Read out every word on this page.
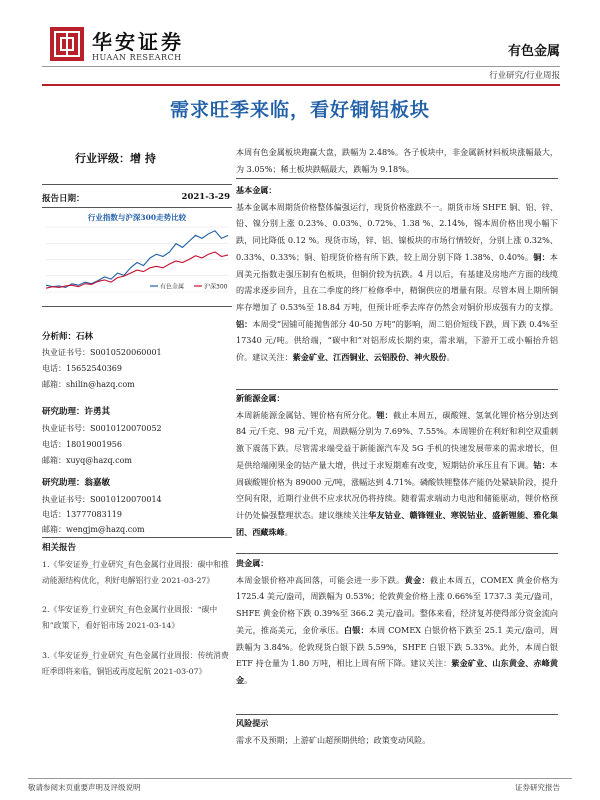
华安证券
HUAAN RESEARCH	有色金属
行业研究/行业周报
需求旺季来临，看好铜铝板块
行业评级：增 持
报告日期：	2021-3-29
行业指数与沪深300走势比较
有色金属	沪深300
分析师：石林
执业证书号：S0010520060001
电话：15652540369
邮箱：shilin@hazq.com
研究助理：许勇其
执业证书号：S0010120070052
电话：18019001956
邮箱：xuyq@hazq.com
研究助理：翁嘉敏
执业证书号：S0010120070014
电话：13777083119
邮箱：wengjm@hazq.com
相关报告
1.《华安证券_行业研究_有色金属行业周报：碳中和推动能源结构优化，利好电解铝行业 2021-03-27》
2.《华安证券_行业研究_有色金属行业周报：“碳中和”政策下，看好铝市场 2021-03-14》
3.《华安证券_行业研究_有色金属行业周报：传统消费旺季即将来临，铜铝或再度起航 2021-03-07》

本周有色金属板块跑赢大盘，跌幅为 2.48%。各子板块中，非金属新材料板块涨幅最大，为 3.05%；稀土板块跌幅最大，跌幅为 9.18%。

基本金属：

基本金属本周期货价格整体偏强运行，现货价格涨跌不一。期货市场 SHFE 铜、铝、锌、铅、镍分别上涨 0.23%、0.03%、0.72%、1.38 %、2.14%，锡本周价格出现小幅下跌，同比降低 0.12 %。现货市场，锌、铝、镍板块的市场行情较好，分别上涨 0.32%、0.33%、0.33%；铜、铅现货价格有所下跌，较上周分别下降 1.38%、0.40%。铜：本周美元指数走强压制有色板块，但铜价较为抗跌。4 月以后，有基建及房地产方面的线缆的需求逐步回升，且在二季度的终厂检修季中，精铜供应的增量有限。尽管本周上期所铜库存增加了 0.53%至 18.84 万吨，但预计旺季去库存仍然会对铜价形成强有力的支撑。铝：本周受“因铺可能抛售部分 40-50 万吨”的影响，周二铝价短线下跌，周下跌 0.4%至 17340 元/吨。供给端，“碳中和”对铝形成长期约束，需求端，下游开工或小幅抬升铝价。建议关注：紫金矿业、江西铜业、云铝股份、神火股份。

新能源金属：

本周新能源金属钴、锂价格有所分化。锂：截止本周五，碳酸锂、氢氧化锂价格分别达到 84 元/千克、98 元/千克，周跌幅分别为 7.69%、7.55%。本周锂价在利好和利空双重刺激下震荡下跌。尽管需求端受益于新能源汽车及 5G 手机的快速发展带来的需求增长，但是供给端刚果金的钴产量大增，供过于求短期难有改变，短期钴价承压且有下调。钴：本周碳酸锂价格为 89000 元/吨，涨幅达到 4.71%。磷酸铁锂整体产能仍处紧缺阶段，提升空间有限，近期行业供不应求状况仍将持续。随着需求端动力电池和储能驱动，锂价格预计仍处偏强整理状态。建议继续关注华友钴业、赣锋锂业、寒锐钴业、盛新锂能、雅化集团、西藏珠峰。

贵金属：

本周金银价格冲高回落，可能会进一步下跌。黄金：截止本周五，COMEX 黄金价格为 1725.4 美元/盎司，周跌幅为 0.53%；伦敦黄金价格上涨 0.66%至 1737.3 美元/盎司，SHFE 黄金价格下跌 0.39%至 366.2 美元/盎司。整体来看，经济复苏使得部分资金流向美元，推高美元，金价承压。白银：本周 COMEX 白银价格下跌至 25.1 美元/盎司，周跌幅为 3.84%。伦敦现货白银下跌 5.59%，SHFE 白银下跌 5.33%。此外，本周白银 ETF 持仓量为 1.80 万吨，相比上周有所下降。建议关注：紫金矿业、山东黄金、赤峰黄金。

风险提示

需求不及预期；上游矿山超预期供给；政策变动风险。

敬请参阅末页重要声明及评级说明	证券研究报告
